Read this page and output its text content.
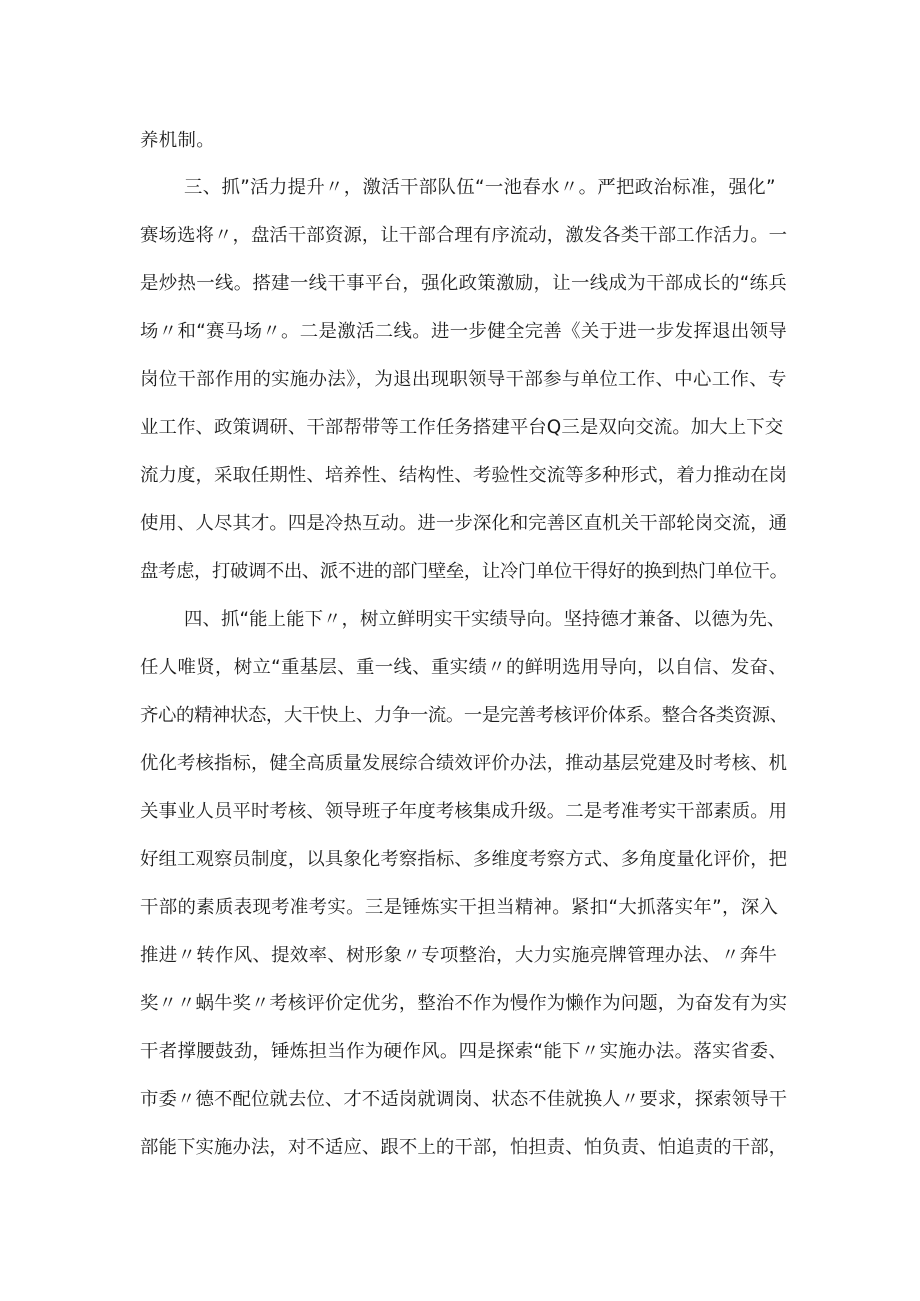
养机制。
三、抓”活力提升〃，激活干部队伍“一池春水〃。严把政治标准，强化”
赛场选将〃，盘活干部资源，让干部合理有序流动，激发各类干部工作活力。一
是炒热一线。搭建一线干事平台，强化政策激励，让一线成为干部成长的“练兵
场〃和“赛马场〃。二是激活二线。进一步健全完善《关于进一步发挥退出领导
岗位干部作用的实施办法》，为退出现职领导干部参与单位工作、中心工作、专
业工作、政策调研、干部帮带等工作任务搭建平台Q三是双向交流。加大上下交
流力度，采取任期性、培养性、结构性、考验性交流等多种形式，着力推动在岗
使用、人尽其才。四是冷热互动。进一步深化和完善区直机关干部轮岗交流，通
盘考虑，打破调不出、派不进的部门壁垒，让冷门单位干得好的换到热门单位干。
四、抓“能上能下〃，树立鲜明实干实绩导向。坚持德才兼备、以德为先、
任人唯贤，树立“重基层、重一线、重实绩〃的鲜明选用导向，以自信、发奋、
齐心的精神状态，大干快上、力争一流。一是完善考核评价体系。整合各类资源、
优化考核指标，健全高质量发展综合绩效评价办法，推动基层党建及时考核、机
关事业人员平时考核、领导班子年度考核集成升级。二是考准考实干部素质。用
好组工观察员制度，以具象化考察指标、多维度考察方式、多角度量化评价，把
干部的素质表现考准考实。三是锤炼实干担当精神。紧扣“大抓落实年”，深入
推进〃转作风、提效率、树形象〃专项整治，大力实施亮牌管理办法、〃奔牛
奖〃〃蜗牛奖〃考核评价定优劣，整治不作为慢作为懒作为问题，为奋发有为实
干者撑腰鼓劲，锤炼担当作为硬作风。四是探索“能下〃实施办法。落实省委、
市委〃德不配位就去位、才不适岗就调岗、状态不佳就换人〃要求，探索领导干
部能下实施办法，对不适应、跟不上的干部，怕担责、怕负责、怕追责的干部，
